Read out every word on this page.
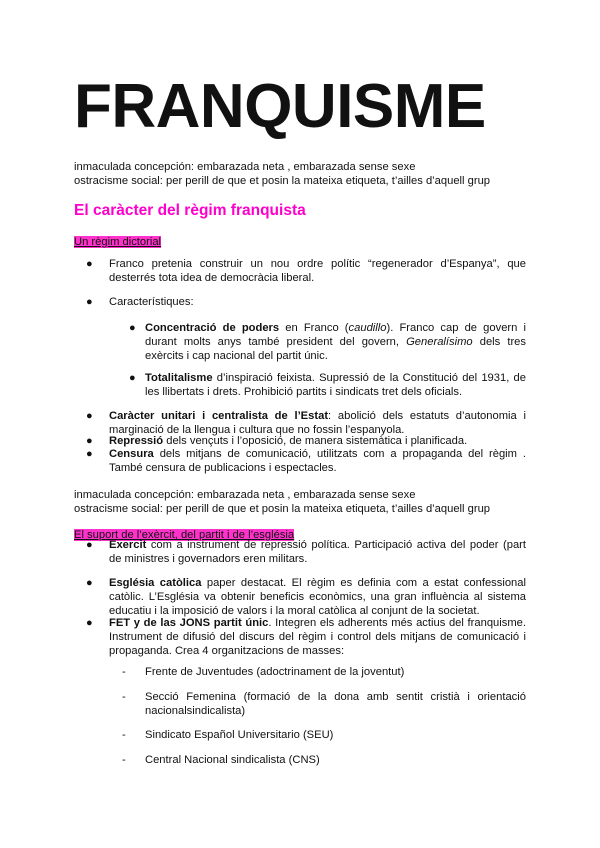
FRANQUISME
inmaculada concepción: embarazada neta , embarazada sense sexe
ostracisme social: per perill de que et posin la mateixa etiqueta, t’ailles d’aquell grup
El caràcter del règim franquista
Un règim dictorial
● Franco pretenia construir un nou ordre polític “regenerador d’Espanya”, que desterrés tota idea de democràcia liberal.
● Característiques:
● Concentració de poders en Franco (caudillo). Franco cap de govern i durant molts anys també president del govern, Generalísimo dels tres exèrcits i cap nacional del partit únic.
● Totalitalisme d’inspiració feixista. Supressió de la Constitució del 1931, de les llibertats i drets. Prohibició partits i sindicats tret dels oficials.
● Caràcter unitari i centralista de l’Estat: abolició dels estatuts d’autonomia i marginació de la llengua i cultura que no fossin l’espanyola.
● Repressió dels vençuts i l’oposició, de manera sistemàtica i planificada.
● Censura dels mitjans de comunicació, utilitzats com a propaganda del règim . També censura de publicacions i espectacles.
inmaculada concepción: embarazada neta , embarazada sense sexe
ostracisme social: per perill de que et posin la mateixa etiqueta, t’ailles d’aquell grup
El suport de l’exèrcit, del partit i de l’església
● Exercit com a instrument de repressió política. Participació activa del poder (part de ministres i governadors eren militars.
● Església catòlica paper destacat. El règim es definia com a estat confessional catòlic. L’Església va obtenir beneficis econòmics, una gran influència al sistema educatiu i la imposició de valors i la moral catòlica al conjunt de la societat.
● FET y de las JONS partit únic. Integren els adherents més actius del franquisme. Instrument de difusió del discurs del règim i control dels mitjans de comunicació i propaganda. Crea 4 organitzacions de masses:
- Frente de Juventudes (adoctrinament de la joventut)
- Secció Femenina (formació de la dona amb sentit cristià i orientació nacionalsindicalista)
- Sindicato Español Universitario (SEU)
- Central Nacional sindicalista (CNS)
